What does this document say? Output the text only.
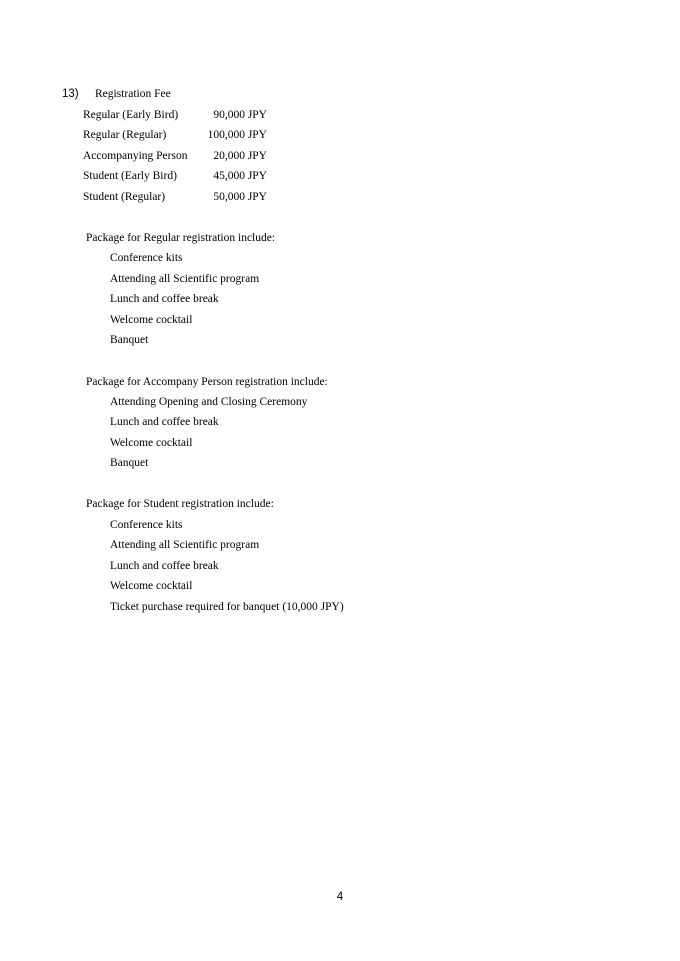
13) Registration Fee
Regular (Early Bird)	90,000 JPY
Regular (Regular)	100,000 JPY
Accompanying Person 20,000 JPY
Student (Early Bird)	45,000 JPY
Student (Regular)	50,000 JPY
Package for Regular registration include:
Conference kits
Attending all Scientific program
Lunch and coffee break
Welcome cocktail
Banquet
Package for Accompany Person registration include:
Attending Opening and Closing Ceremony
Lunch and coffee break
Welcome cocktail
Banquet
Package for Student registration include:
Conference kits
Attending all Scientific program
Lunch and coffee break
Welcome cocktail
Ticket purchase required for banquet (10,000 JPY)
4
